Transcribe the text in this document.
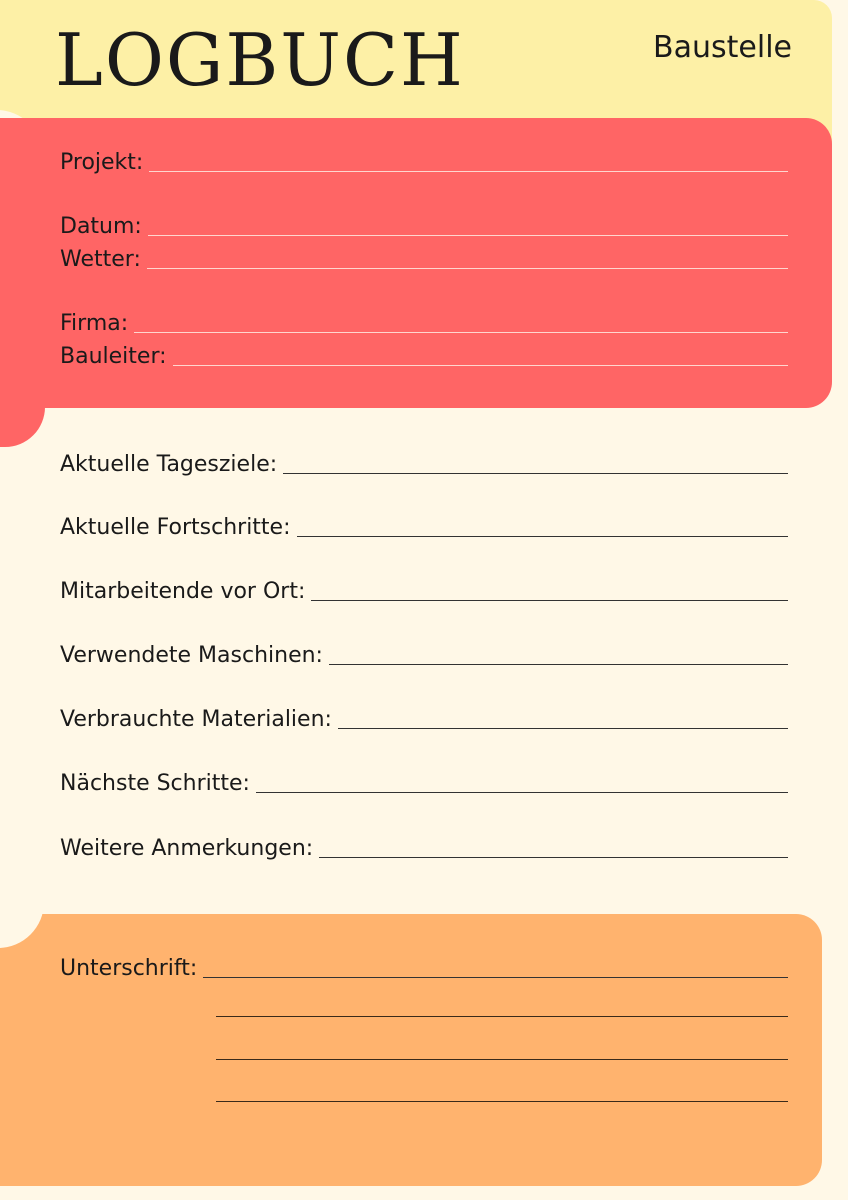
LOGBUCH	Baustelle
Projekt:
Datum:
Wetter:
Firma:
Bauleiter:
Aktuelle Tagesziele:
Aktuelle Fortschritte:
Mitarbeitende vor Ort:
Verwendete Maschinen:
Verbrauchte Materialien:
Nächste Schritte:
Weitere Anmerkungen:
Unterschrift:
